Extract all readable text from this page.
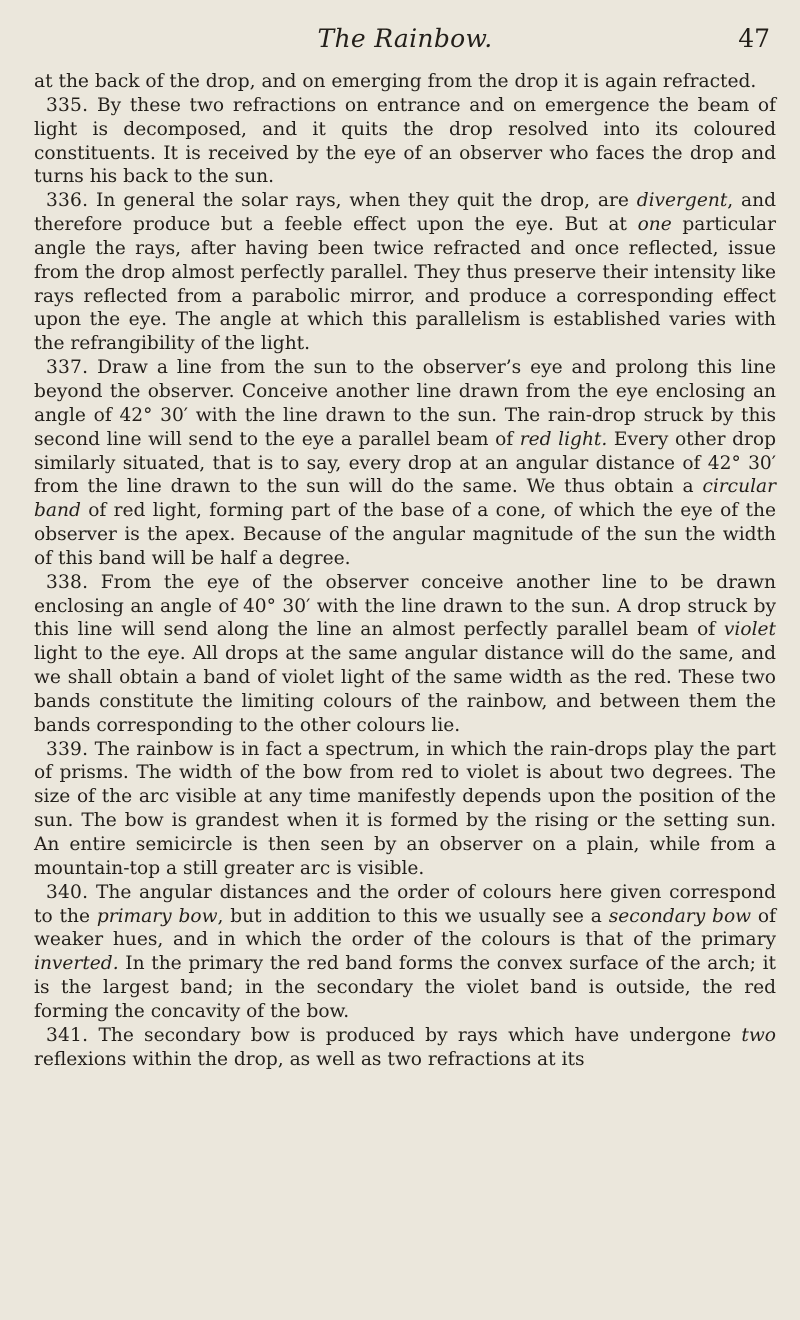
The Rainbow.	47

at the back of the drop, and on emerging from the drop it is again refracted.

335. By these two refractions on entrance and on emergence the beam of light is decomposed, and it quits the drop resolved into its coloured constituents. It is received by the eye of an observer who faces the drop and turns his back to the sun.

336. In general the solar rays, when they quit the drop, are divergent, and therefore produce but a feeble effect upon the eye. But at one particular angle the rays, after having been twice refracted and once reflected, issue from the drop almost perfectly parallel. They thus preserve their intensity like rays reflected from a parabolic mirror, and produce a corresponding effect upon the eye. The angle at which this parallelism is established varies with the refrangibility of the light.

337. Draw a line from the sun to the observer’s eye and prolong this line beyond the observer. Conceive another line drawn from the eye enclosing an angle of 42° 30′ with the line drawn to the sun. The rain-drop struck by this second line will send to the eye a parallel beam of red light. Every other drop similarly situated, that is to say, every drop at an angular distance of 42° 30′ from the line drawn to the sun will do the same. We thus obtain a circular band of red light, forming part of the base of a cone, of which the eye of the observer is the apex. Because of the angular magnitude of the sun the width of this band will be half a degree.

338. From the eye of the observer conceive another line to be drawn enclosing an angle of 40° 30′ with the line drawn to the sun. A drop struck by this line will send along the line an almost perfectly parallel beam of violet light to the eye. All drops at the same angular distance will do the same, and we shall obtain a band of violet light of the same width as the red. These two bands constitute the limiting colours of the rainbow, and between them the bands corresponding to the other colours lie.

339. The rainbow is in fact a spectrum, in which the rain-drops play the part of prisms. The width of the bow from red to violet is about two degrees. The size of the arc visible at any time manifestly depends upon the position of the sun. The bow is grandest when it is formed by the rising or the setting sun. An entire semicircle is then seen by an observer on a plain, while from a mountain-top a still greater arc is visible.

340. The angular distances and the order of colours here given correspond to the primary bow, but in addition to this we usually see a secondary bow of weaker hues, and in which the order of the colours is that of the primary inverted. In the primary the red band forms the convex surface of the arch; it is the largest band; in the secondary the violet band is outside, the red forming the concavity of the bow.

341. The secondary bow is produced by rays which have undergone two reflexions within the drop, as well as two refractions at its
